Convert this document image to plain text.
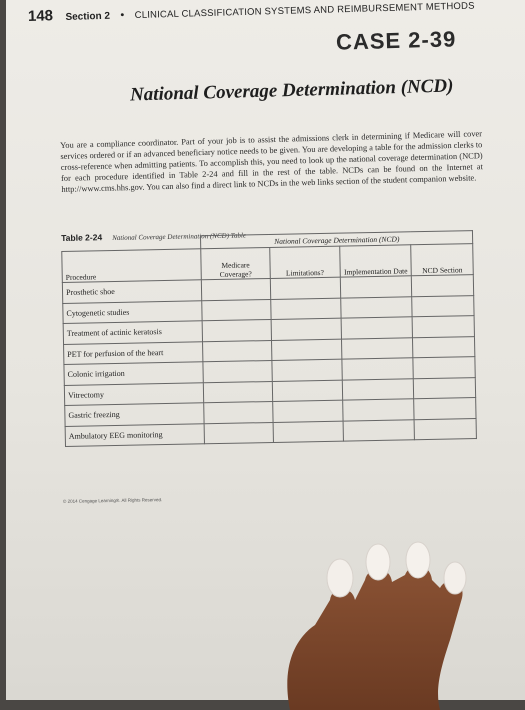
148 Section 2 • CLINICAL CLASSIFICATION SYSTEMS AND REIMBURSEMENT METHODS
CASE 2-39
National Coverage Determination (NCD)
You are a compliance coordinator. Part of your job is to assist the admissions clerk in determining if Medicare will cover services ordered or if an advanced beneficiary notice needs to be given. You are developing a table for the admission clerks to cross-reference when admitting patients. To accomplish this, you need to look up the national coverage determination (NCD) for each procedure identified in Table 2-24 and fill in the rest of the table. NCDs can be found on the Internet at http://www.cms.hhs.gov. You can also find a direct link to NCDs in the web links section of the student companion website.
Table 2-24 National Coverage Determination (NCD) Table
		National Coverage Determination (NCD)			
Procedure	Medicare Coverage?	Limitations?	Implementation Date	NCD Section
Prosthetic shoe				
Cytogenetic studies				
Treatment of actinic keratosis				
PET for perfusion of the heart				
Colonic irrigation				
Vitrectomy				
Gastric freezing				
Ambulatory EEG monitoring				
© 2014 Cengage Learning®. All Rights Reserved.
